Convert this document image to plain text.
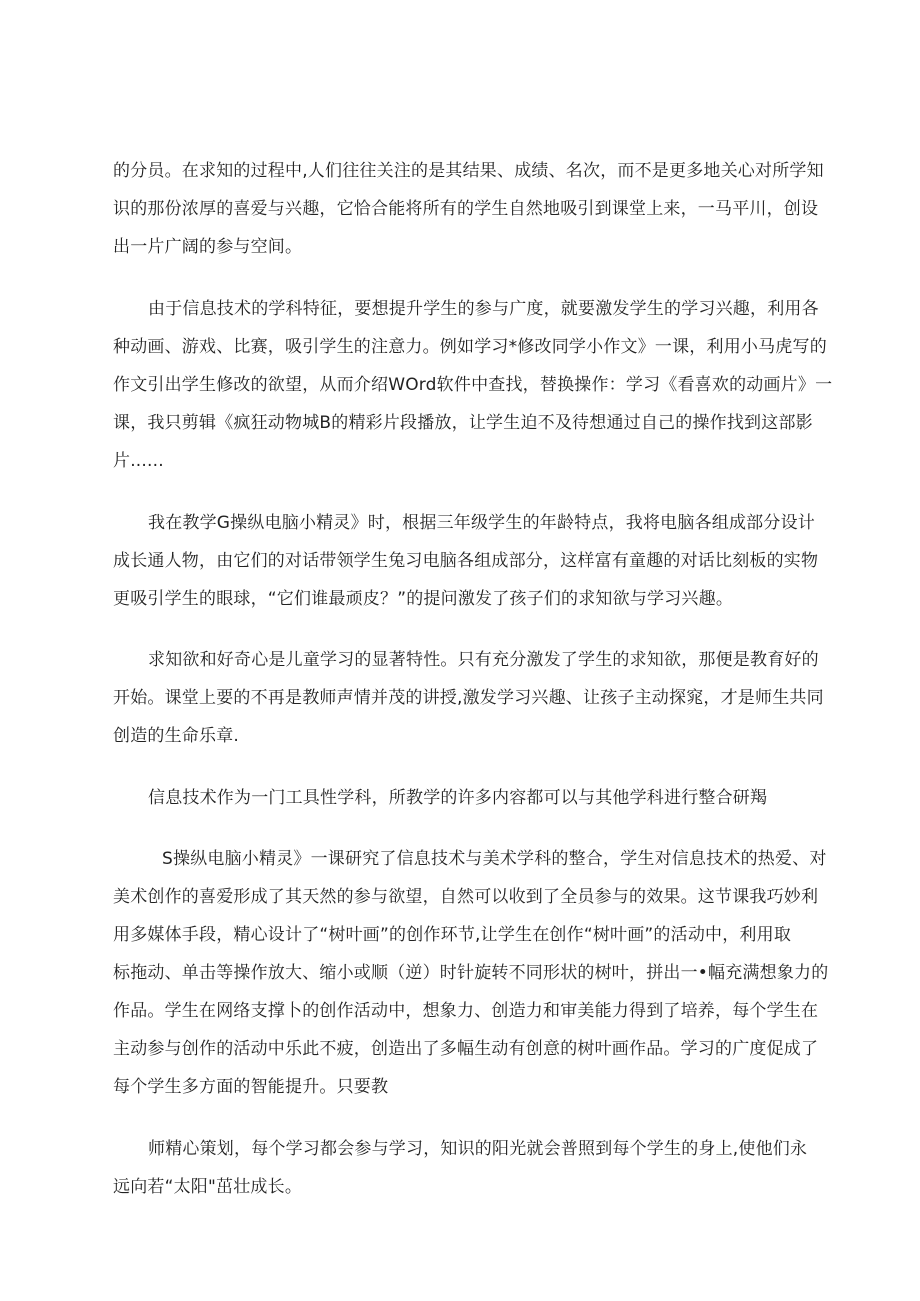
的分员。在求知的过程中,人们往往关注的是其结果、成绩、名次，而不是更多地关心对所学知
识的那份浓厚的喜爱与兴趣，它恰合能将所有的学生自然地吸引到课堂上来，一马平川，创设
出一片广阔的参与空间。
由于信息技术的学科特征，要想提升学生的参与广度，就要激发学生的学习兴趣，利用各
种动画、游戏、比赛，吸引学生的注意力。例如学习*修改同学小作文》一课，利用小马虎写的
作文引出学生修改的欲望，从而介绍WOrd软件中查找，替换操作：学习《看喜欢的动画片》一
课，我只剪辑《疯狂动物城B的精彩片段播放，让学生迫不及待想通过自己的操作找到这部影
片......
我在教学G操纵电脑小精灵》时，根据三年级学生的年龄特点，我将电脑各组成部分设计
成长通人物，由它们的对话带领学生兔习电脑各组成部分，这样富有童趣的对话比刻板的实物
更吸引学生的眼球，“它们谁最顽皮？”的提问激发了孩子们的求知欲与学习兴趣。
求知欲和好奇心是儿童学习的显著特性。只有充分激发了学生的求知欲，那便是教育好的
开始。课堂上要的不再是教师声情并茂的讲授,激发学习兴趣、让孩子主动探窕，才是师生共同
创造的生命乐章.
信息技术作为一门工具性学科，所教学的许多内容都可以与其他学科进行整合研羯
S操纵电脑小精灵》一课研究了信息技术与美术学科的整合，学生对信息技术的热爱、对
美术创作的喜爱形成了其天然的参与欲望，自然可以收到了全员参与的效果。这节课我巧妙利
用多媒体手段，精心设计了“树叶画”的创作环节,让学生在创作“树叶画”的活动中，利用取
标拖动、单击等操作放大、缩小或顺（逆）时针旋转不同形状的树叶，拼出一•幅充满想象力的
作品。学生在网络支撑卜的创作活动中，想象力、创造力和审美能力得到了培养，每个学生在
主动参与创作的活动中乐此不疲，创造出了多幅生动有创意的树叶画作品。学习的广度促成了
每个学生多方面的智能提升。只要教
师精心策划，每个学习都会参与学习，知识的阳光就会普照到每个学生的身上,使他们永
远向若“太阳"茁壮成长。
